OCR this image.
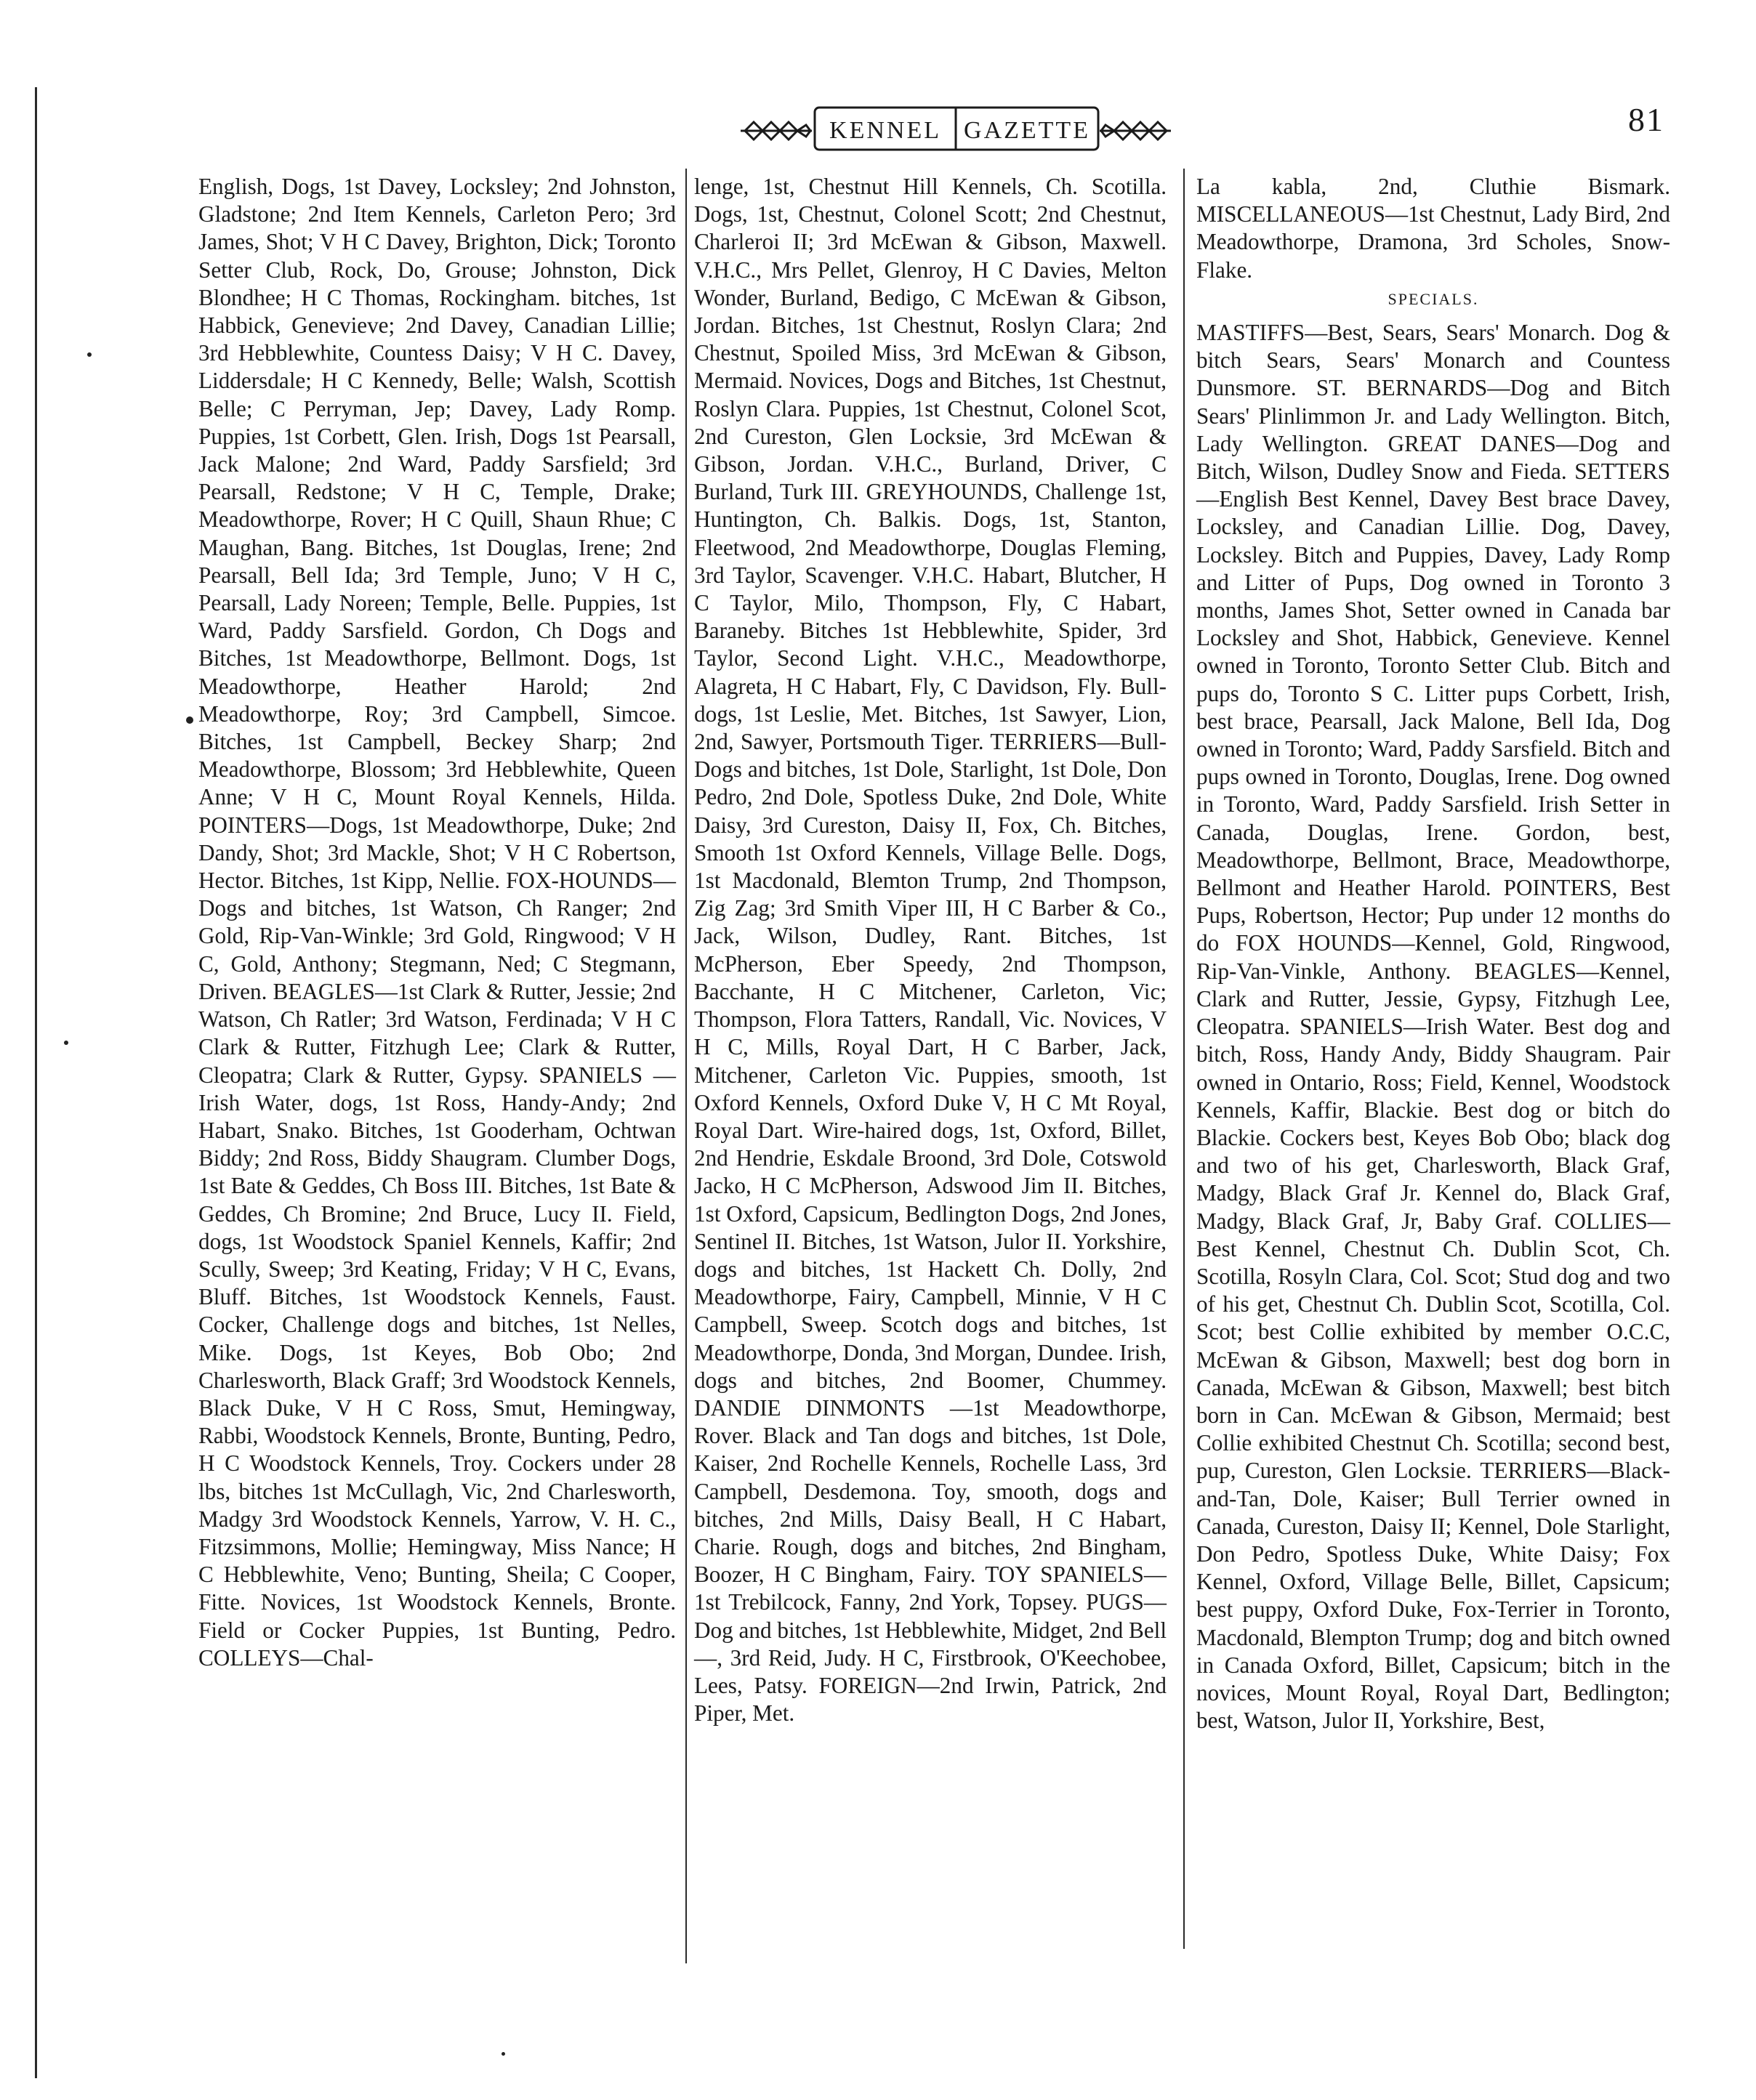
KENNEL GAZETTE	81

English, Dogs, 1st Davey, Locksley; 2nd Johnston, Gladstone; 2nd Item Kennels, Carleton Pero; 3rd James, Shot; V H C Davey, Brighton, Dick; Toronto Setter Club, Rock, Do, Grouse; Johnston, Dick Blondhee; H C Thomas, Rockingham. bitches, 1st Habbick, Genevieve; 2nd Davey, Canadian Lillie; 3rd Hebblewhite, Countess Daisy; V H C. Davey, Liddersdale; H C Kennedy, Belle; Walsh, Scottish Belle; C Perryman, Jep; Davey, Lady Romp. Puppies, 1st Corbett, Glen. Irish, Dogs 1st Pearsall, Jack Malone; 2nd Ward, Paddy Sarsfield; 3rd Pearsall, Redstone; V H C, Temple, Drake; Meadowthorpe, Rover; H C Quill, Shaun Rhue; C Maughan, Bang. Bitches, 1st Douglas, Irene; 2nd Pearsall, Bell Ida; 3rd Temple, Juno; V H C, Pearsall, Lady Noreen; Temple, Belle. Puppies, 1st Ward, Paddy Sarsfield. Gordon, Ch Dogs and Bitches, 1st Meadowthorpe, Bellmont. Dogs, 1st Meadowthorpe, Heather Harold; 2nd Meadowthorpe, Roy; 3rd Campbell, Simcoe. Bitches, 1st Campbell, Beckey Sharp; 2nd Meadowthorpe, Blossom; 3rd Hebblewhite, Queen Anne; V H C, Mount Royal Kennels, Hilda. POINTERS—Dogs, 1st Meadowthorpe, Duke; 2nd Dandy, Shot; 3rd Mackle, Shot; V H C Robertson, Hector. Bitches, 1st Kipp, Nellie. FOX-HOUNDS—Dogs and bitches, 1st Watson, Ch Ranger; 2nd Gold, Rip-Van-Winkle; 3rd Gold, Ringwood; V H C, Gold, Anthony; Stegmann, Ned; C Stegmann, Driven. BEAGLES—1st Clark & Rutter, Jessie; 2nd Watson, Ch Ratler; 3rd Watson, Ferdinada; V H C Clark & Rutter, Fitzhugh Lee; Clark & Rutter, Cleopatra; Clark & Rutter, Gypsy. SPANIELS — Irish Water, dogs, 1st Ross, Handy-Andy; 2nd Habart, Snako. Bitches, 1st Gooderham, Ochtwan Biddy; 2nd Ross, Biddy Shaugram. Clumber Dogs, 1st Bate & Geddes, Ch Boss III. Bitches, 1st Bate & Geddes, Ch Bromine; 2nd Bruce, Lucy II. Field, dogs, 1st Woodstock Spaniel Kennels, Kaffir; 2nd Scully, Sweep; 3rd Keating, Friday; V H C, Evans, Bluff. Bitches, 1st Woodstock Kennels, Faust. Cocker, Challenge dogs and bitches, 1st Nelles, Mike. Dogs, 1st Keyes, Bob Obo; 2nd Charlesworth, Black Graff; 3rd Woodstock Kennels, Black Duke, V H C Ross, Smut, Hemingway, Rabbi, Woodstock Kennels, Bronte, Bunting, Pedro, H C Woodstock Kennels, Troy. Cockers under 28 lbs, bitches 1st McCullagh, Vic, 2nd Charlesworth, Madgy 3rd Woodstock Kennels, Yarrow, V. H. C., Fitzsimmons, Mollie; Hemingway, Miss Nance; H C Hebblewhite, Veno; Bunting, Sheila; C Cooper, Fitte. Novices, 1st Woodstock Kennels, Bronte. Field or Cocker Puppies, 1st Bunting, Pedro. COLLEYS—Chal-

lenge, 1st, Chestnut Hill Kennels, Ch. Scotilla. Dogs, 1st, Chestnut, Colonel Scott; 2nd Chestnut, Charleroi II; 3rd McEwan & Gibson, Maxwell. V.H.C., Mrs Pellet, Glenroy, H C Davies, Melton Wonder, Burland, Bedigo, C McEwan & Gibson, Jordan. Bitches, 1st Chestnut, Roslyn Clara; 2nd Chestnut, Spoiled Miss, 3rd McEwan & Gibson, Mermaid. Novices, Dogs and Bitches, 1st Chestnut, Roslyn Clara. Puppies, 1st Chestnut, Colonel Scot, 2nd Cureston, Glen Locksie, 3rd McEwan & Gibson, Jordan. V.H.C., Burland, Driver, C Burland, Turk III. GREYHOUNDS, Challenge 1st, Huntington, Ch. Balkis. Dogs, 1st, Stanton, Fleetwood, 2nd Meadowthorpe, Douglas Fleming, 3rd Taylor, Scavenger. V.H.C. Habart, Blutcher, H C Taylor, Milo, Thompson, Fly, C Habart, Baraneby. Bitches 1st Hebblewhite, Spider, 3rd Taylor, Second Light. V.H.C., Meadowthorpe, Alagreta, H C Habart, Fly, C Davidson, Fly. Bull-dogs, 1st Leslie, Met. Bitches, 1st Sawyer, Lion, 2nd, Sawyer, Portsmouth Tiger. TERRIERS—Bull-Dogs and bitches, 1st Dole, Starlight, 1st Dole, Don Pedro, 2nd Dole, Spotless Duke, 2nd Dole, White Daisy, 3rd Cureston, Daisy II, Fox, Ch. Bitches, Smooth 1st Oxford Kennels, Village Belle. Dogs, 1st Macdonald, Blemton Trump, 2nd Thompson, Zig Zag; 3rd Smith Viper III, H C Barber & Co., Jack, Wilson, Dudley, Rant. Bitches, 1st McPherson, Eber Speedy, 2nd Thompson, Bacchante, H C Mitchener, Carleton, Vic; Thompson, Flora Tatters, Randall, Vic. Novices, V H C, Mills, Royal Dart, H C Barber, Jack, Mitchener, Carleton Vic. Puppies, smooth, 1st Oxford Kennels, Oxford Duke V, H C Mt Royal, Royal Dart. Wire-haired dogs, 1st, Oxford, Billet, 2nd Hendrie, Eskdale Broond, 3rd Dole, Cotswold Jacko, H C McPherson, Adswood Jim II. Bitches, 1st Oxford, Capsicum, Bedlington Dogs, 2nd Jones, Sentinel II. Bitches, 1st Watson, Julor II. Yorkshire, dogs and bitches, 1st Hackett Ch. Dolly, 2nd Meadowthorpe, Fairy, Campbell, Minnie, V H C Campbell, Sweep. Scotch dogs and bitches, 1st Meadowthorpe, Donda, 3nd Morgan, Dundee. Irish, dogs and bitches, 2nd Boomer, Chummey. DANDIE DINMONTS —1st Meadowthorpe, Rover. Black and Tan dogs and bitches, 1st Dole, Kaiser, 2nd Rochelle Kennels, Rochelle Lass, 3rd Campbell, Desdemona. Toy, smooth, dogs and bitches, 2nd Mills, Daisy Beall, H C Habart, Charie. Rough, dogs and bitches, 2nd Bingham, Boozer, H C Bingham, Fairy. TOY SPANIELS—1st Trebilcock, Fanny, 2nd York, Topsey. PUGS—Dog and bitches, 1st Hebblewhite, Midget, 2nd Bell —, 3rd Reid, Judy. H C, Firstbrook, O'Keechobee, Lees, Patsy. FOREIGN—2nd Irwin, Patrick, 2nd Piper, Met.

La kabla, 2nd, Cluthie Bismark. MISCELLANEOUS—1st Chestnut, Lady Bird, 2nd Meadowthorpe, Dramona, 3rd Scholes, Snow-Flake.

SPECIALS.

MASTIFFS—Best, Sears, Sears' Monarch. Dog & bitch Sears, Sears' Monarch and Countess Dunsmore. ST. BERNARDS—Dog and Bitch Sears' Plinlimmon Jr. and Lady Wellington. Bitch, Lady Wellington. GREAT DANES—Dog and Bitch, Wilson, Dudley Snow and Fieda. SETTERS—English Best Kennel, Davey Best brace Davey, Locksley, and Canadian Lillie. Dog, Davey, Locksley. Bitch and Puppies, Davey, Lady Romp and Litter of Pups, Dog owned in Toronto 3 months, James Shot, Setter owned in Canada bar Locksley and Shot, Habbick, Genevieve. Kennel owned in Toronto, Toronto Setter Club. Bitch and pups do, Toronto S C. Litter pups Corbett, Irish, best brace, Pearsall, Jack Malone, Bell Ida, Dog owned in Toronto; Ward, Paddy Sarsfield. Bitch and pups owned in Toronto, Douglas, Irene. Dog owned in Toronto, Ward, Paddy Sarsfield. Irish Setter in Canada, Douglas, Irene. Gordon, best, Meadowthorpe, Bellmont, Brace, Meadowthorpe, Bellmont and Heather Harold. POINTERS, Best Pups, Robertson, Hector; Pup under 12 months do do FOX HOUNDS—Kennel, Gold, Ringwood, Rip-Van-Vinkle, Anthony. BEAGLES—Kennel, Clark and Rutter, Jessie, Gypsy, Fitzhugh Lee, Cleopatra. SPANIELS—Irish Water. Best dog and bitch, Ross, Handy Andy, Biddy Shaugram. Pair owned in Ontario, Ross; Field, Kennel, Woodstock Kennels, Kaffir, Blackie. Best dog or bitch do Blackie. Cockers best, Keyes Bob Obo; black dog and two of his get, Charlesworth, Black Graf, Madgy, Black Graf Jr. Kennel do, Black Graf, Madgy, Black Graf, Jr, Baby Graf. COLLIES—Best Kennel, Chestnut Ch. Dublin Scot, Ch. Scotilla, Rosyln Clara, Col. Scot; Stud dog and two of his get, Chestnut Ch. Dublin Scot, Scotilla, Col. Scot; best Collie exhibited by member O.C.C, McEwan & Gibson, Maxwell; best dog born in Canada, McEwan & Gibson, Maxwell; best bitch born in Can. McEwan & Gibson, Mermaid; best Collie exhibited Chestnut Ch. Scotilla; second best, pup, Cureston, Glen Locksie. TERRIERS—Black-and-Tan, Dole, Kaiser; Bull Terrier owned in Canada, Cureston, Daisy II; Kennel, Dole Starlight, Don Pedro, Spotless Duke, White Daisy; Fox Kennel, Oxford, Village Belle, Billet, Capsicum; best puppy, Oxford Duke, Fox-Terrier in Toronto, Macdonald, Blempton Trump; dog and bitch owned in Canada Oxford, Billet, Capsicum; bitch in the novices, Mount Royal, Royal Dart, Bedlington; best, Watson, Julor II, Yorkshire, Best,
